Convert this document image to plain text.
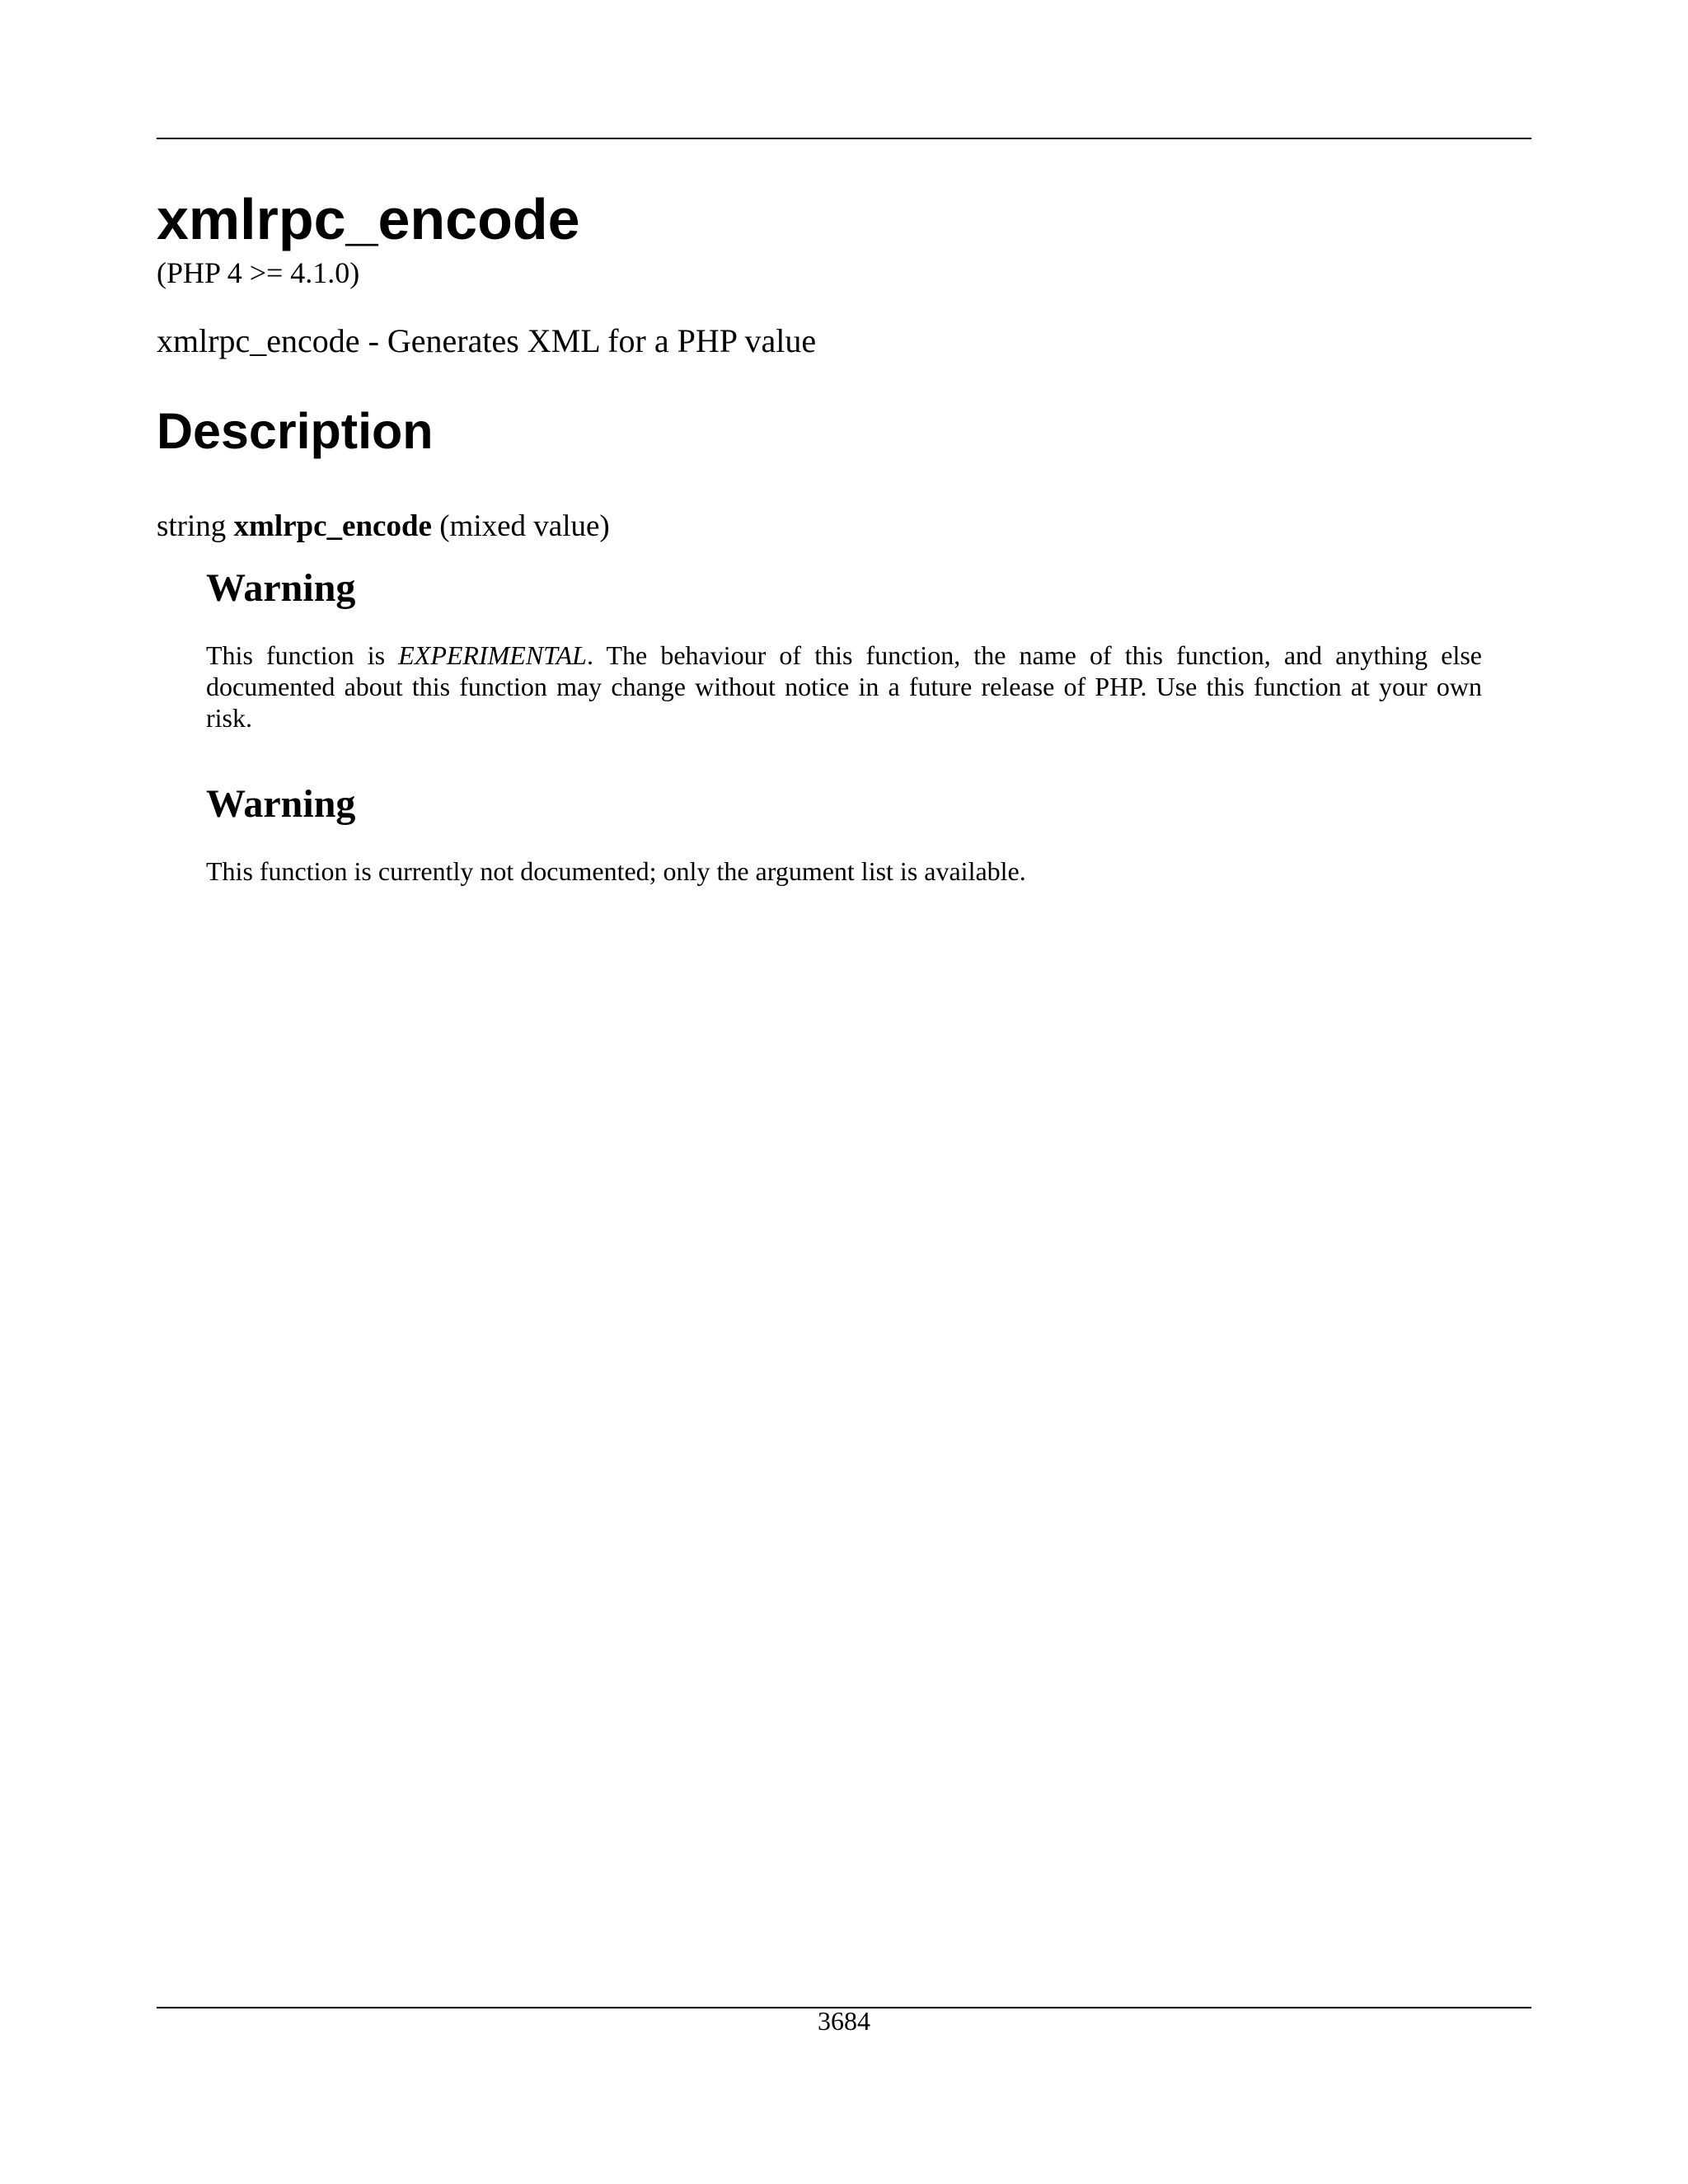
xmlrpc_encode
(PHP 4 >= 4.1.0)
xmlrpc_encode - Generates XML for a PHP value
Description
string xmlrpc_encode (mixed value)
Warning

This function is EXPERIMENTAL. The behaviour of this function, the name of this function, and anything else documented about this function may change without notice in a future release of PHP. Use this function at your own risk.

Warning

This function is currently not documented; only the argument list is available.

3684
